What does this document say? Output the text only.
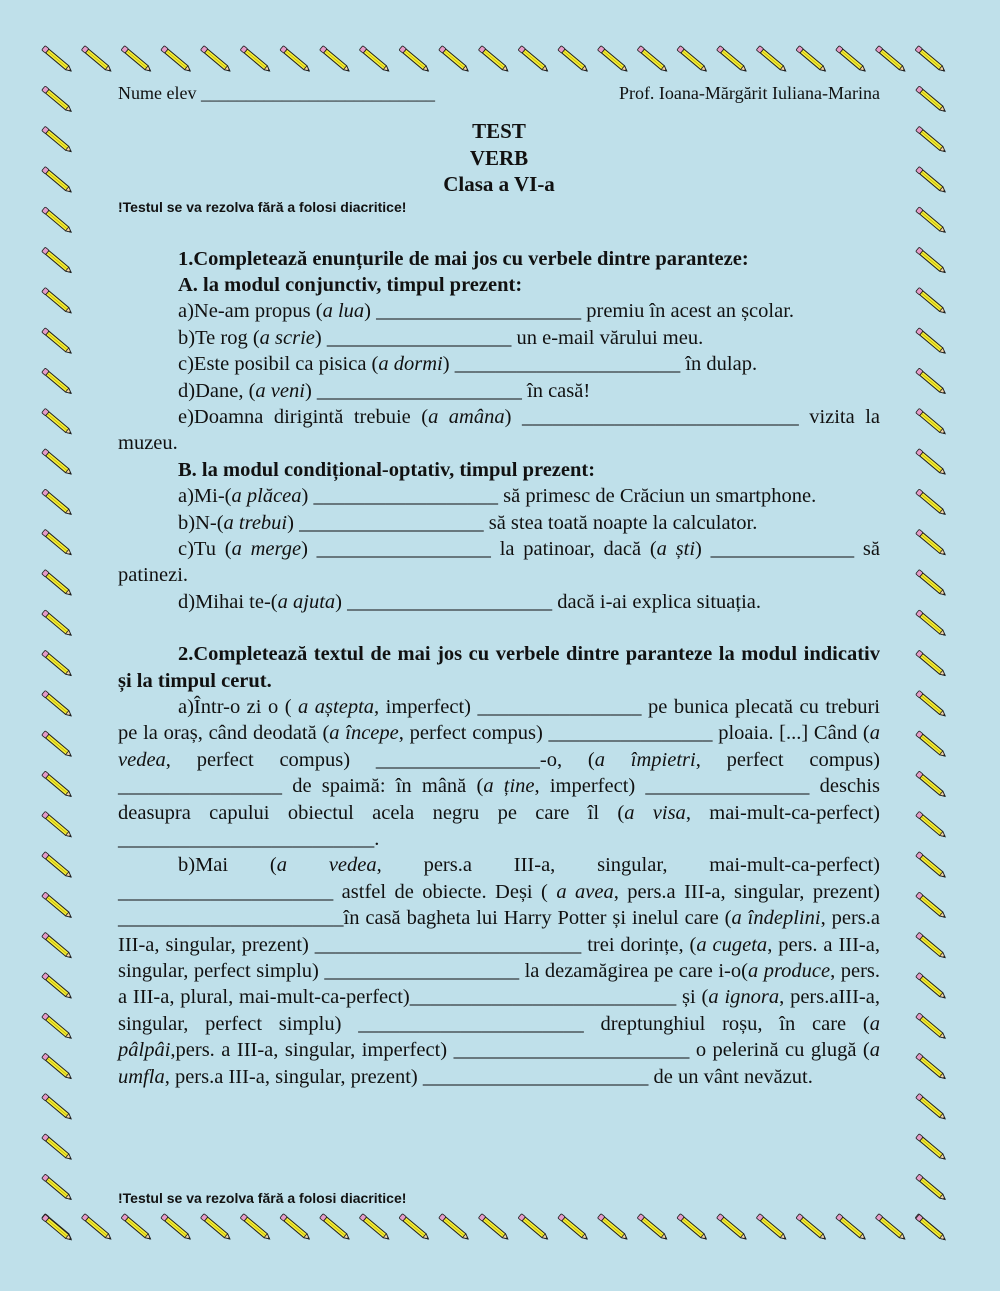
Nume elev __________________________	Prof. Ioana-Mărgărit Iuliana-Marina
TEST
VERB
Clasa a VI-a
!Testul se va rezolva fără a folosi diacritice!

1.Completează enunțurile de mai jos cu verbele dintre paranteze:

A. la modul conjunctiv, timpul prezent:

a)Ne-am propus (a lua) ____________________ premiu în acest an școlar.

b)Te rog (a scrie) __________________ un e-mail vărului meu.

c)Este posibil ca pisica (a dormi) ______________________ în dulap.

d)Dane, (a veni) ____________________ în casă!

e)Doamna dirigintă trebuie (a amâna) ___________________________ vizita la muzeu.

B. la modul condițional-optativ, timpul prezent:

a)Mi-(a plăcea) __________________ să primesc de Crăciun un smartphone.

b)N-(a trebui) __________________ să stea toată noapte la calculator.

c)Tu (a merge) _________________ la patinoar, dacă (a ști) ______________ să patinezi.

d)Mihai te-(a ajuta) ____________________ dacă i-ai explica situația.

2.Completează textul de mai jos cu verbele dintre paranteze la modul indicativ și la timpul cerut.

a)Într-o zi o ( a aștepta, imperfect) ________________ pe bunica plecată cu treburi pe la oraș, când deodată (a începe, perfect compus) ________________ ploaia. [...] Când (a vedea, perfect compus) ________________-o, (a împietri, perfect compus) ________________ de spaimă: în mână (a ține, imperfect) ________________ deschis deasupra capului obiectul acela negru pe care îl (a visa, mai-mult-ca-perfect) _________________________.

b)Mai (a vedea, pers.a III-a, singular, mai-mult-ca-perfect) _____________________ astfel de obiecte. Deși ( a avea, pers.a III-a, singular, prezent) ______________________în casă bagheta lui Harry Potter și inelul care (a îndeplini, pers.a III-a, singular, prezent) __________________________ trei dorințe, (a cugeta, pers. a III-a, singular, perfect simplu) ___________________ la dezamăgirea pe care i-o(a produce, pers. a III-a, plural, mai-mult-ca-perfect)__________________________ și (a ignora, pers.aIII-a, singular, perfect simplu) ______________________ dreptunghiul roșu, în care (a pâlpâi,pers. a III-a, singular, imperfect) _______________________ o pelerină cu glugă (a umfla, pers.a III-a, singular, prezent) ______________________ de un vânt nevăzut.

!Testul se va rezolva fără a folosi diacritice!
